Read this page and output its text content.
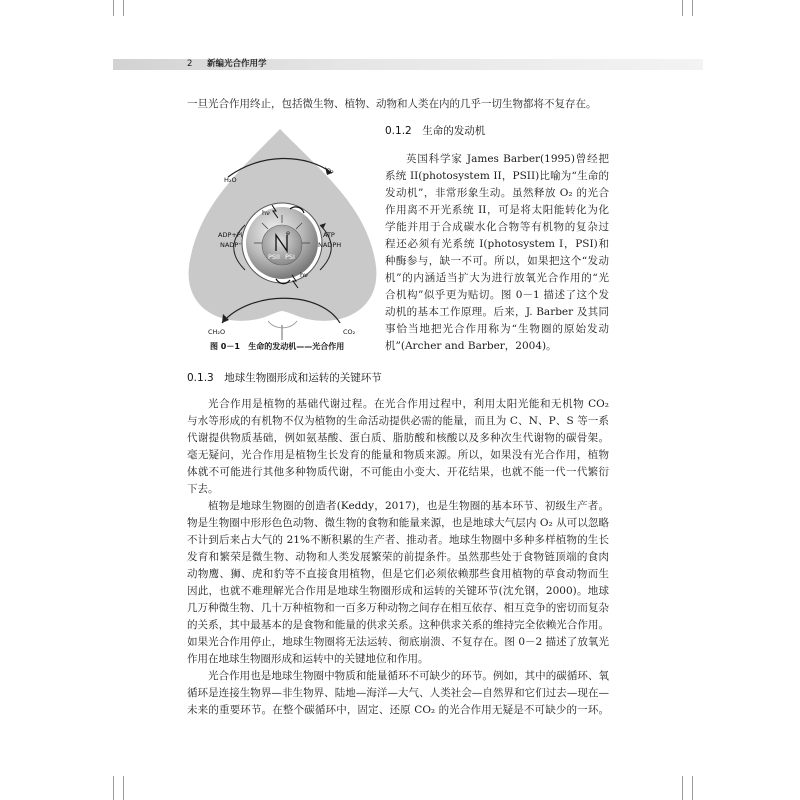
2 新编光合作用学
一旦光合作用终止，包括微生物、植物、动物和人类在内的几乎一切生物都将不复存在。
H₂O
O₂
hν
hν
ADP+Pi
NADP⁺
ATP
NADPH
e
PSII PSI
CH₂O	CO₂
图 0－1 生命的发动机——光合作用
0.1.2　生命的发动机
英国科学家 James Barber(1995)曾经把
系统 II(photosystem II，PSII)比喻为“生命的
发动机”，非常形象生动。虽然释放 O₂ 的光合
作用离不开光系统 II，可是将太阳能转化为化
学能并用于合成碳水化合物等有机物的复杂过
程还必须有光系统 I(photosystem I，PSI)和
种酶参与，缺一不可。所以，如果把这个“发动
机”的内涵适当扩大为进行放氧光合作用的“光
合机构”似乎更为贴切。图 0－1 描述了这个发
动机的基本工作原理。后来，J. Barber 及其同
事恰当地把光合作用称为“生物圈的原始发动
机”(Archer and Barber，2004)。
0.1.3　地球生物圈形成和运转的关键环节
光合作用是植物的基础代谢过程。在光合作用过程中，利用太阳光能和无机物 CO₂
与水等形成的有机物不仅为植物的生命活动提供必需的能量，而且为 C、N、P、S 等一系
代谢提供物质基础，例如氨基酸、蛋白质、脂肪酸和核酸以及多种次生代谢物的碳骨架。
毫无疑问，光合作用是植物生长发育的能量和物质来源。所以，如果没有光合作用，植物
体就不可能进行其他多种物质代谢，不可能由小变大、开花结果，也就不能一代一代繁衍
下去。
植物是地球生物圈的创造者(Keddy，2017)，也是生物圈的基本环节、初级生产者。
物是生物圈中形形色色动物、微生物的食物和能量来源，也是地球大气层内 O₂ 从可以忽略
不计到后来占大气的 21%不断积累的生产者、推动者。地球生物圈中多种多样植物的生长
发育和繁荣是微生物、动物和人类发展繁荣的前提条件。虽然那些处于食物链顶端的食肉
动物鹰、狮、虎和豹等不直接食用植物，但是它们必须依赖那些食用植物的草食动物而生
因此，也就不难理解光合作用是地球生物圈形成和运转的关键环节(沈允钢，2000)。地球
几万种微生物、几十万种植物和一百多万种动物之间存在相互依存、相互竞争的密切而复杂
的关系，其中最基本的是食物和能量的供求关系。这种供求关系的维持完全依赖光合作用。
如果光合作用停止，地球生物圈将无法运转、彻底崩溃、不复存在。图 0－2 描述了放氧光
作用在地球生物圈形成和运转中的关键地位和作用。
光合作用也是地球生物圈中物质和能量循环不可缺少的环节。例如，其中的碳循环、氧
循环是连接生物界—非生物界、陆地—海洋—大气、人类社会—自然界和它们过去—现在—
未来的重要环节。在整个碳循环中，固定、还原 CO₂ 的光合作用无疑是不可缺少的一环。
